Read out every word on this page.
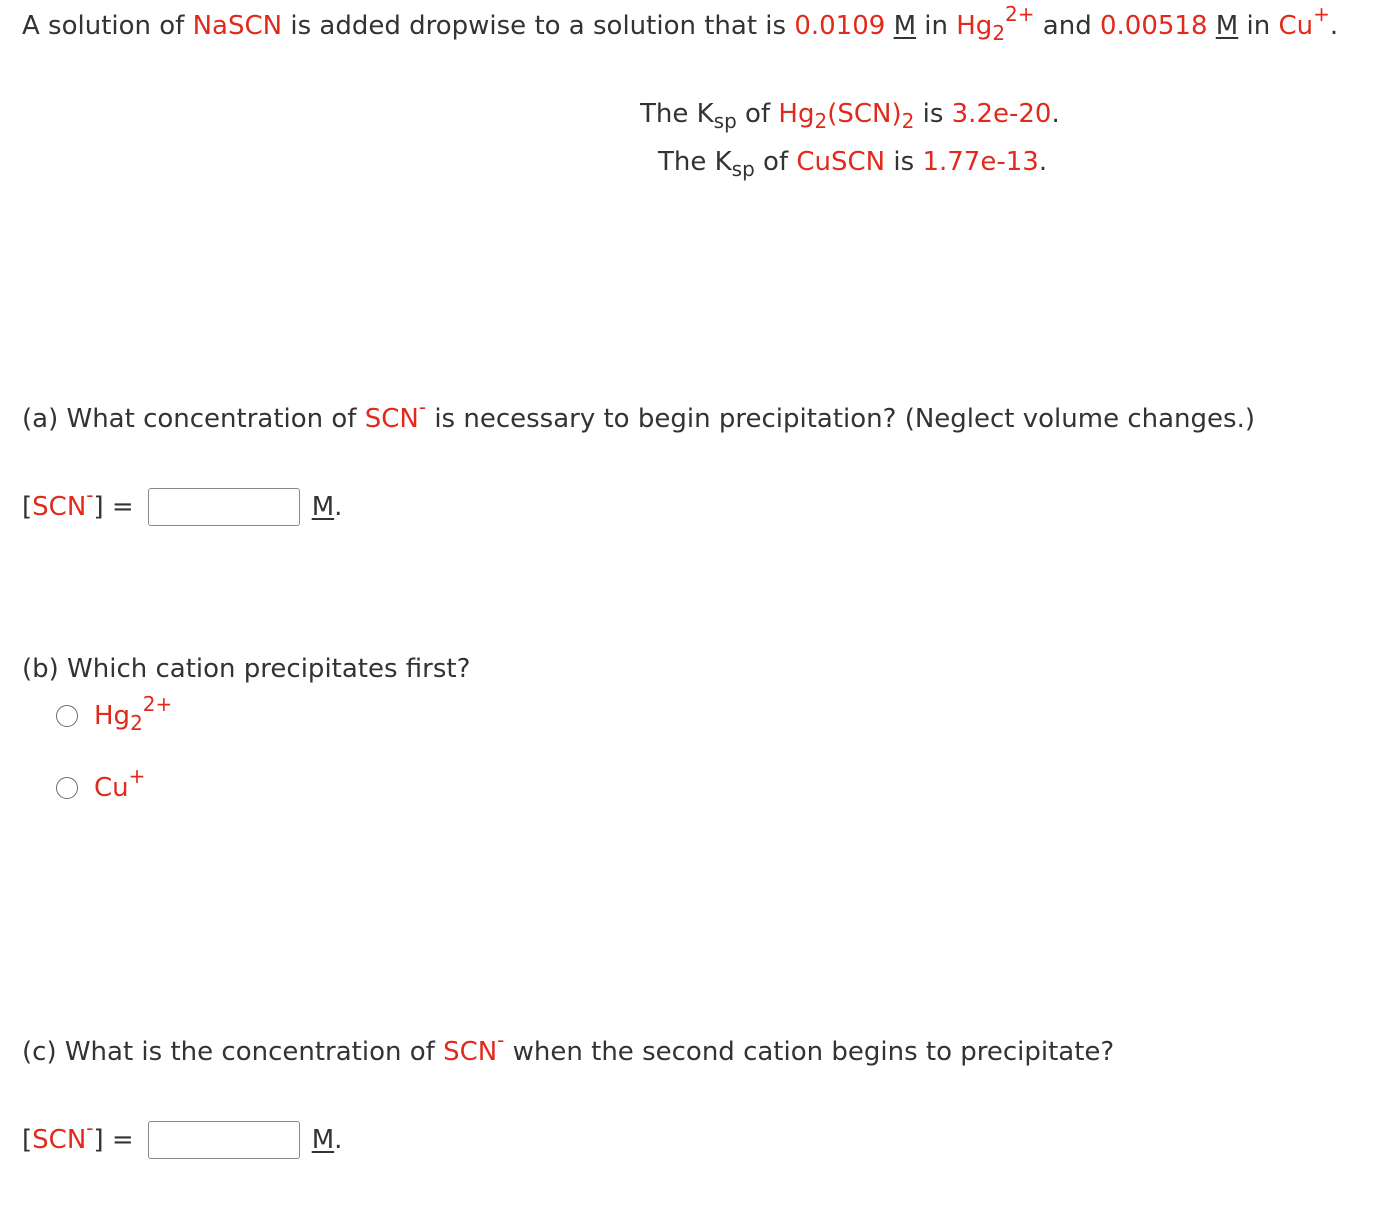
A solution of NaSCN is added dropwise to a solution that is 0.0109 M in $Hg_2^{2+}$ and 0.00518 M in Cu+.
The $K_{sp}$ of $Hg_2(SCN)_2$ is 3.2e-20.
The $K_{sp}$ of CuSCN is 1.77e-13.
(a) What concentration of SCN- is necessary to begin precipitation? (Neglect volume changes.)
[SCN-] =	M.
(b) Which cation precipitates first?
$Hg_2^{2+}$
Cu+
(c) What is the concentration of SCN- when the second cation begins to precipitate?
[SCN-] =	M.
